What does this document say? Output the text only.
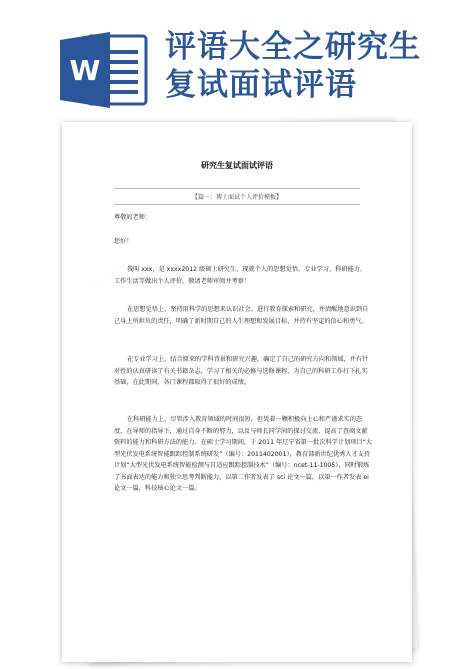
W
评语大全之研究生
复试面试评语
· · · · · ·
· · · · · ·
研究生复试面试评语
【篇一：博士面试个人评价模板】
尊敬的老师：
您好！
我叫 xxx，是 xxxx2012 级硕士研究生，现就个人的思想觉悟、专业学习、科研能力、工作生活等做出个人评价，敬请老师审阅并考察！
在思想觉悟上，坚持用科学的思想来认识社会、进行教育探索和研究，并清醒地意识到自己身上所担负的责任，明确了新时期自己的人生理想和发展目标，并持有坚定的信心和勇气。
在专业学习上，结合原来的学科背景和研究兴趣，确定了自己的研究方向和领域，并有针对性的认真研读了有关书籍杂志，学习了相关的必修与选修课程，为自己的科研工作打下扎实基础，在此期间，各门课程都取得了很好的成绩。
在科研能力上，尽管涉入教育领域的时间很短，但凭着一颗积极向上心和严谨求实的态度，在导师的指导下，通过自身不断的努力，以及与师长同学间的探讨交流，提高了查阅文献资料的能力和科研方法的能力。在硕士学习期间，于 2011 年辽宁省第一批次科学计划项目“大型光伏发电系统智能跟踪控制系统研发”（编号：2011402001），教育部新世纪优秀人才支持计划“大型光伏发电系统智能检测与自适应跟踪控制技术”（编号：ncet-11-1005），同时锻炼了书面表达的能力和独立思考判断能力，以第二作者发表了 sci 论文一篇，以第一作者发表 ei 论文一篇，科技核心论文一篇。
